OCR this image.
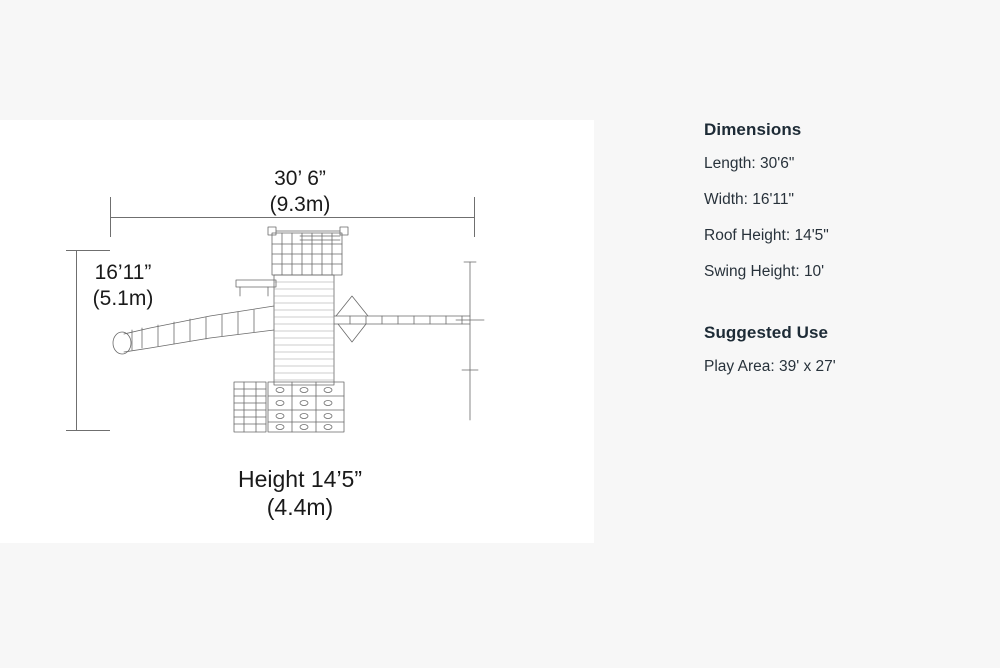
30’ 6”
(9.3m)
16’11”
(5.1m)
Height 14’5”
(4.4m)
Dimensions

Length: 30'6"

Width: 16'11"

Roof Height: 14'5"

Swing Height: 10'

Suggested Use

Play Area: 39' x 27'
